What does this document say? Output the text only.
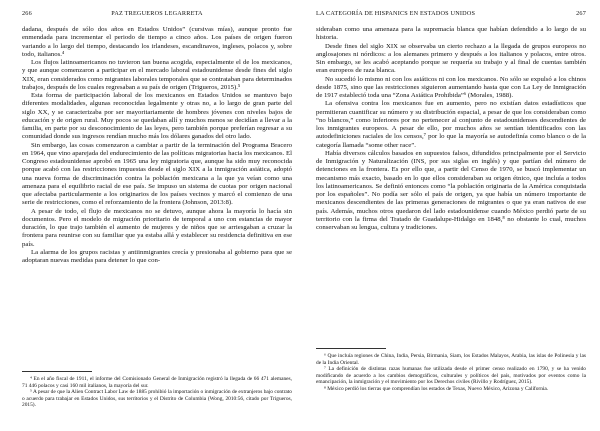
266	PAZ TREGUEROS LEGARRETA

dadana, después de sólo dos años en Estados Unidos” (cursivas mías), aunque pronto fue enmendada para incrementar el periodo de tiempo a cinco años. Los países de origen fueron variando a lo largo del tiempo, destacando los irlandeses, escandinavos, ingleses, polacos y, sobre todo, italianos.⁴

Los flujos latinoamericanos no tuvieron tan buena acogida, especialmente el de los mexicanos, y que aunque comenzaron a participar en el mercado laboral estadounidense desde fines del siglo XIX, eran considerados como migrantes laborales temporales que se contrataban para determinados trabajos, después de los cuales regresaban a su país de origen (Trigueros, 2015).⁵

Esta forma de participación laboral de los mexicanos en Estados Unidos se mantuvo bajo diferentes modalidades, algunas reconocidas legalmente y otras no, a lo largo de gran parte del siglo XX, y se caracterizaba por ser mayoritariamente de hombres jóvenes con niveles bajos de educación y de origen rural. Muy pocos se quedaban allí y muchos menos se decidían a llevar a la familia, en parte por su desconocimiento de las leyes, pero también porque preferían regresar a su comunidad donde sus ingresos rendían mucho más los dólares ganados del otro lado.

Sin embargo, las cosas comenzaron a cambiar a partir de la terminación del Programa Bracero en 1964, que vino aparejada del endurecimiento de las políticas migratorias hacia los mexicanos. El Congreso estadounidense aprobó en 1965 una ley migratoria que, aunque ha sido muy reconocida porque acabó con las restricciones impuestas desde el siglo XIX a la inmigración asiática, adoptó una nueva forma de discriminación contra la población mexicana a la que ya veían como una amenaza para el equilibrio racial de ese país. Se impuso un sistema de cuotas por origen nacional que afectaba particularmente a los originarios de los países vecinos y marcó el comienzo de una serie de restricciones, como el reforzamiento de la frontera (Johnson, 2013:8).

A pesar de todo, el flujo de mexicanos no se detuvo, aunque ahora la mayoría lo hacía sin documentos. Pero el modelo de migración prioritario de temporal a uno con estancias de mayor duración, lo que trajo también el aumento de mujeres y de niños que se arriesgaban a cruzar la frontera para reunirse con su familiar que ya estaba allá y establecer su residencia definitiva en ese país.

La alarma de los grupos racistas y antiinmigrantes crecía y presionaba al gobierno para que se adoptaran nuevas medidas para detener lo que con-

⁴ En el año fiscal de 1911, el informe del Comisionado General de Inmigración registró la llegada de 66 471 alemanes, 71 446 polacos y casi 160 mil italianos, la mayoría del sur.

⁵ A pesar de que la Alien Contract Labor Law de 1885 prohibió la importación o inmigración de extranjeros bajo contrato o acuerdo para trabajar en Estados Unidos, sus territorios y el Distrito de Columbia (Wong, 2010:56, citado por Trigueros, 2015).

LA CATEGORÍA DE HISPANICS EN ESTADOS UNIDOS	267

sideraban como una amenaza para la supremacía blanca que habían defendido a lo largo de su historia.

Desde fines del siglo XIX se observaba un cierto rechazo a la llegada de grupos europeos no anglosajones ni nórdicos: a los alemanes primero y después a los italianos y polacos, entre otros. Sin embargo, se les acabó aceptando porque se requería su trabajo y al final de cuentas también eran europeos de raza blanca.

No sucedió lo mismo ni con los asiáticos ni con los mexicanos. No sólo se expulsó a los chinos desde 1875, sino que las restricciones siguieron aumentando hasta que con La Ley de Inmigración de 1917 estableció toda una “Zona Asiática Prohibida”⁶ (Morales, 1988).

La ofensiva contra los mexicanos fue en aumento, pero no existían datos estadísticos que permitieran cuantificar su número y su distribución espacial, a pesar de que los consideraban como “no blancos,” como inferiores por no pertenecer al conjunto de estadounidenses descendientes de los inmigrantes europeos. A pesar de ello, por muchos años se sentían identificados con las autodefiniciones raciales de los censos,⁷ por lo que la mayoría se autodefinía como blanco o de la categoría llamada “some other race”.

Había diversos cálculos basados en supuestos falsos, difundidos principalmente por el Servicio de Inmigración y Naturalización (INS, por sus siglas en inglés) y que partían del número de detenciones en la frontera. Es por ello que, a partir del Censo de 1970, se buscó implementar un mecanismo más exacto, basado en lo que ellos consideraban su origen étnico, que incluía a todos los latinoamericanos. Se definió entonces como “la población originaria de la América conquistada por los españoles”. No podía ser sólo el país de origen, ya que había un número importante de mexicanos descendientes de las primeras generaciones de migrantes o que ya eran nativos de ese país. Además, muchos otros quedaron del lado estadounidense cuando México perdió parte de su territorio con la firma del Tratado de Guadalupe-Hidalgo en 1848,⁸ no obstante lo cual, muchos conservaban su lengua, cultura y tradiciones.

⁶ Que incluía regiones de China, India, Persia, Birmania, Siam, los Estados Malayos, Arabia, las islas de Polinesia y las de la India Oriental.

⁷ La definición de distintas razas humanas fue utilizada desde el primer censo realizado en 1790, y se ha venido modificando de acuerdo a los cambios demográficos, culturales y políticos del país, motivados por eventos como la emancipación, la inmigración y el movimiento por los Derechos civiles (Rivillo y Rodríguez, 2015).

⁸ México perdió los tierras que comprendían los estados de Texas, Nuevo México, Arizona y California.
